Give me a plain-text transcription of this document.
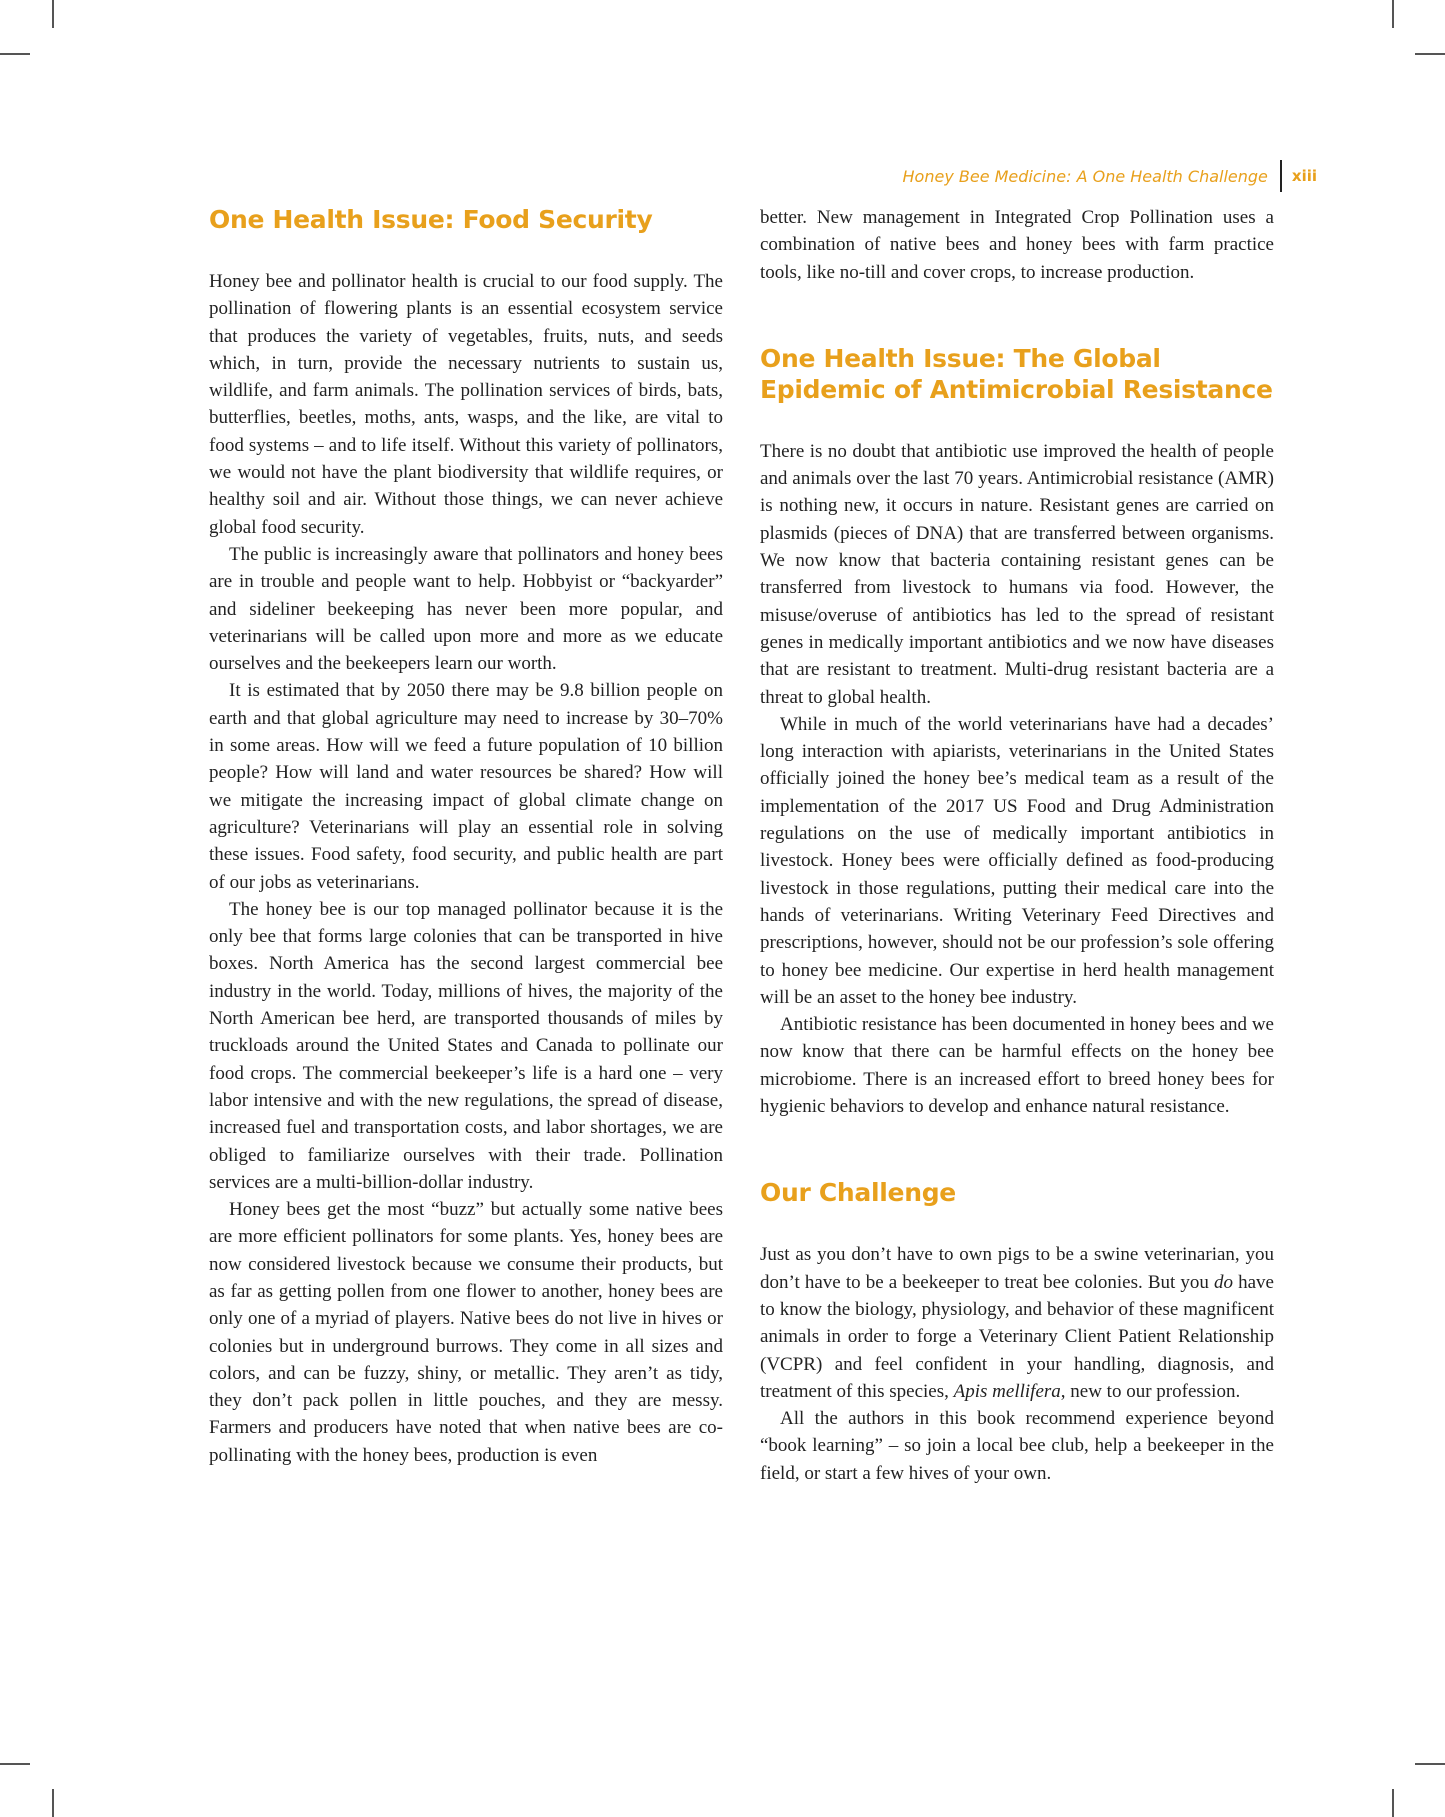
Honey Bee Medicine: A One Health Challenge xiii
One Health Issue: Food Security

Honey bee and pollinator health is crucial to our food supply. The pollination of flowering plants is an essential ecosystem service that produces the variety of vegetables, fruits, nuts, and seeds which, in turn, provide the necessary nutrients to sustain us, wildlife, and farm animals. The pollination services of birds, bats, butterflies, beetles, moths, ants, wasps, and the like, are vital to food systems – and to life itself. Without this variety of pollinators, we would not have the plant biodiversity that wildlife requires, or healthy soil and air. Without those things, we can never achieve global food security.

The public is increasingly aware that pollinators and honey bees are in trouble and people want to help. Hobbyist or “backyarder” and sideliner beekeeping has never been more popular, and veterinarians will be called upon more and more as we educate ourselves and the beekeepers learn our worth.

It is estimated that by 2050 there may be 9.8 billion people on earth and that global agriculture may need to increase by 30–70% in some areas. How will we feed a future population of 10 billion people? How will land and water resources be shared? How will we mitigate the increasing impact of global climate change on agriculture? Veterinarians will play an essential role in solving these issues. Food safety, food security, and public health are part of our jobs as veterinarians.

The honey bee is our top managed pollinator because it is the only bee that forms large colonies that can be transported in hive boxes. North America has the second largest commercial bee industry in the world. Today, millions of hives, the majority of the North American bee herd, are transported thousands of miles by truckloads around the United States and Canada to pollinate our food crops. The commercial beekeeper’s life is a hard one – very labor intensive and with the new regulations, the spread of disease, increased fuel and transportation costs, and labor shortages, we are obliged to familiarize ourselves with their trade. Pollination services are a multi-billion-dollar industry.

Honey bees get the most “buzz” but actually some native bees are more efficient pollinators for some plants. Yes, honey bees are now considered livestock because we consume their products, but as far as getting pollen from one flower to another, honey bees are only one of a myriad of players. Native bees do not live in hives or colonies but in underground burrows. They come in all sizes and colors, and can be fuzzy, shiny, or metallic. They aren’t as tidy, they don’t pack pollen in little pouches, and they are messy. Farmers and producers have noted that when native bees are co-pollinating with the honey bees, production is even

better. New management in Integrated Crop Pollination uses a combination of native bees and honey bees with farm practice tools, like no-till and cover crops, to increase production.

One Health Issue: The Global
Epidemic of Antimicrobial Resistance

There is no doubt that antibiotic use improved the health of people and animals over the last 70 years. Antimicrobial resistance (AMR) is nothing new, it occurs in nature. Resistant genes are carried on plasmids (pieces of DNA) that are transferred between organisms. We now know that bacteria containing resistant genes can be transferred from livestock to humans via food. However, the misuse/overuse of antibiotics has led to the spread of resistant genes in medically important antibiotics and we now have diseases that are resistant to treatment. Multi-drug resistant bacteria are a threat to global health.

While in much of the world veterinarians have had a decades’ long interaction with apiarists, veterinarians in the United States officially joined the honey bee’s medical team as a result of the implementation of the 2017 US Food and Drug Administration regulations on the use of medically important antibiotics in livestock. Honey bees were officially defined as food-producing livestock in those regulations, putting their medical care into the hands of veterinarians. Writing Veterinary Feed Directives and prescriptions, however, should not be our profession’s sole offering to honey bee medicine. Our expertise in herd health management will be an asset to the honey bee industry.

Antibiotic resistance has been documented in honey bees and we now know that there can be harmful effects on the honey bee microbiome. There is an increased effort to breed honey bees for hygienic behaviors to develop and enhance natural resistance.

Our Challenge

Just as you don’t have to own pigs to be a swine veterinarian, you don’t have to be a beekeeper to treat bee colonies. But you do have to know the biology, physiology, and behavior of these magnificent animals in order to forge a Veterinary Client Patient Relationship (VCPR) and feel confident in your handling, diagnosis, and treatment of this species, Apis mellifera, new to our profession.

All the authors in this book recommend experience beyond “book learning” – so join a local bee club, help a beekeeper in the field, or start a few hives of your own.
